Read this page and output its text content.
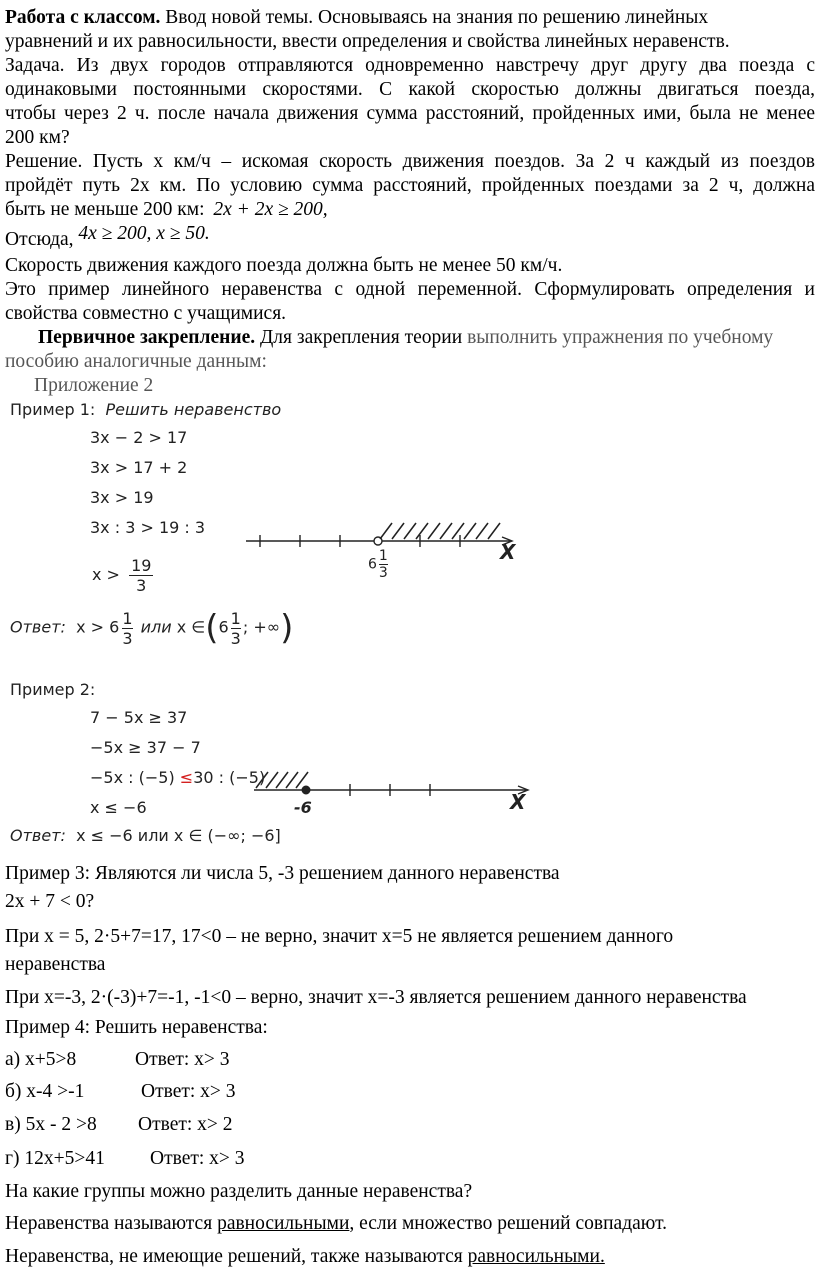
Работа с классом. Ввод новой темы. Основываясь на знания по решению линейных
уравнений и их равносильности, ввести определения и свойства линейных неравенств.
Задача. Из двух городов отправляются одновременно навстречу друг другу два поезда с
одинаковыми постоянными скоростями. С какой скоростью должны двигаться поезда,
чтобы через 2 ч. после начала движения сумма расстояний, пройденных ими, была не менее
200 км?
Решение. Пусть x км/ч – искомая скорость движения поездов. За 2 ч каждый из поездов
пройдёт путь 2x км. По условию сумма расстояний, пройденных поездами за 2 ч, должна
быть не меньше 200 км: 2x + 2x ≥ 200,
Отсюда, 4x ≥ 200, x ≥ 50.
Скорость движения каждого поезда должна быть не менее 50 км/ч.
Это пример линейного неравенства с одной переменной. Сформулировать определения и
свойства совместно с учащимися.
Первичное закрепление. Для закрепления теории выполнить упражнения по учебному
пособию аналогичные данным:
Приложение 2
Пример 1: Решить неравенство
3x − 2 > 17
3x > 17 + 2
3x > 19
3x : 3 > 19 : 3
$x > \frac{19}{3}$
X
$6 \frac{1}{3}$
Ответ: $x > 6 \frac{1}{3}$ или x ∈(6 $\frac{1}{3}$ ; +∞)
Пример 2:
7 − 5x ≥ 37
−5x ≥ 37 − 7
−5x : (−5) ≤30 : (−5)
x ≤ −6	-6	X
Ответ: x ≤ −6 или x ∈ (−∞; −6]
Пример 3: Являются ли числа 5, -3 решением данного неравенства
2x + 7 < 0?
При x = 5, 2·5+7=17, 17<0 – не верно, значит x=5 не является решением данного
неравенства
При x=-3, 2·(-3)+7=-1, -1<0 – верно, значит x=-3 является решением данного неравенства
Пример 4: Решить неравенства:
а) x+5>8	Ответ: x> 3
б) x-4 >-1	Ответ: x> 3
в) 5x - 2 >8 Ответ: x> 2
г) 12x+5>41 Ответ: x> 3
На какие группы можно разделить данные неравенства?
Неравенства называются равносильными, если множество решений совпадают.
Неравенства, не имеющие решений, также называются равносильными.
